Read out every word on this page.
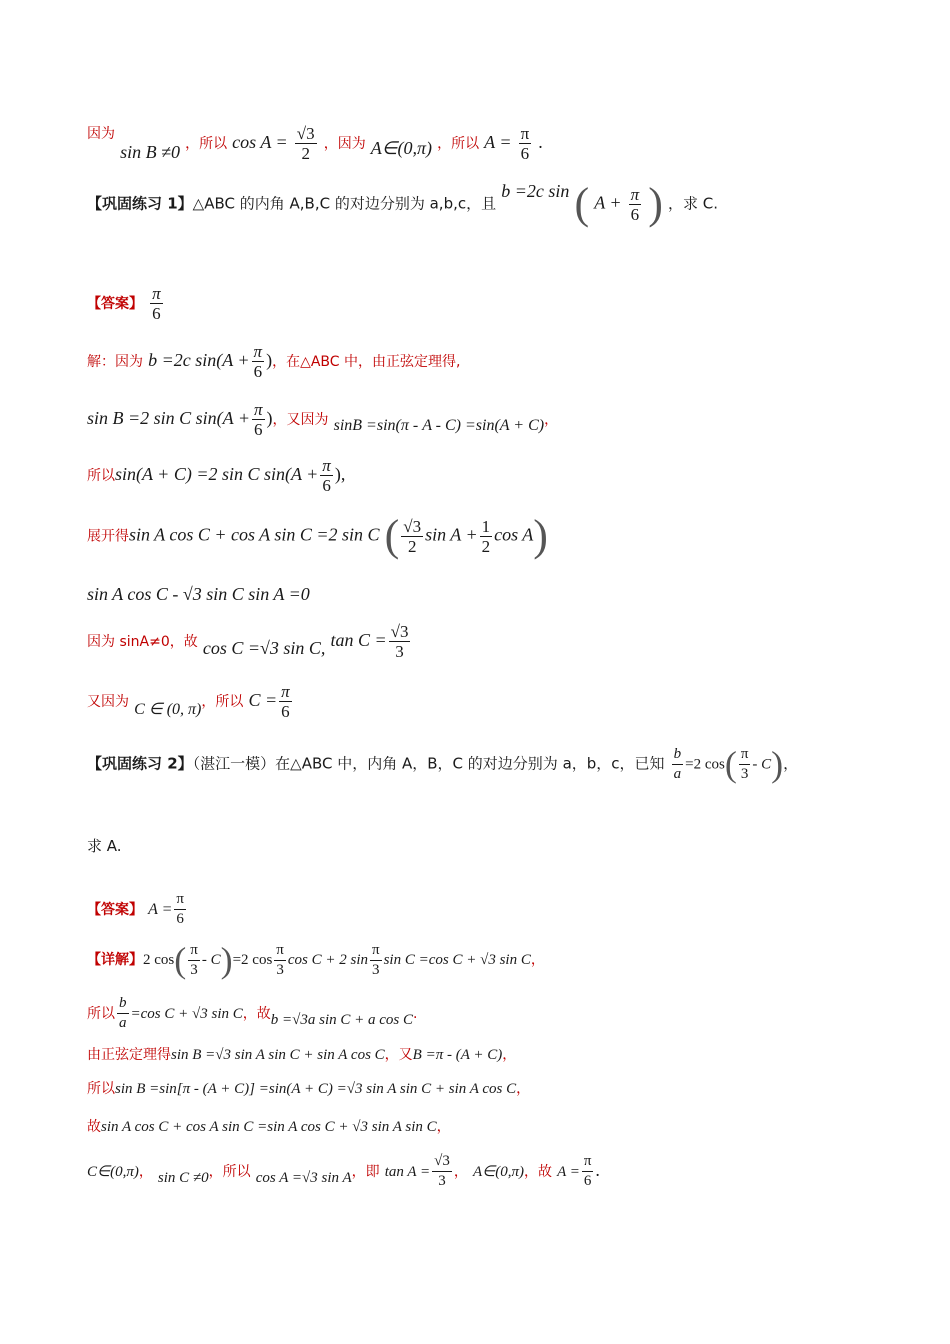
因为 sin B ≠0 ，所以 $\cos A = \frac{√3}{2}$ ，因为 A∈(0,π) ，所以 $A = \frac{\pi}{6}$ .
【巩固练习 1】△ABC 的内角 A,B,C 的对边分别为 a,b,c，且 b =2c sin ( $A + \frac{\pi}{6}$ ) ，求 C.
【答案】 $\frac{\pi}{6}$
解：因为 b =2c $\sin(A + \frac{\pi}{6}$ )，在△ABC 中，由正弦定理得,
sin B =2 sin C $\sin(A + \frac{\pi}{6}$ )，又因为 sinB =sin(π - A - C) =sin(A + C)，
所以sin(A + C) =2 sin C $\sin(A + \frac{\pi}{6}$ ),
展开得sin A cos C + cos A sin C =2 sin C ( $\frac{√3}{2}$ $\sin A + \frac{1}{2}$ cos A)
sin A cos C - √3 sin C sin A =0
因为 sinA≠0，故 cos C =√3 sin C, $\tan C = \frac{√3}{3}$
又因为 C ∈ (0, π)，所以 $C = \frac{\pi}{6}$
【巩固练习 2】（湛江一模）在△ABC 中，内角 A，B，C 的对边分别为 a，b，c，已知 $\frac{b}{a} =2$ $\cos( \frac{\pi}{3} - C)$，
求 A.
【答案】 $A = \frac{\pi}{6}$
【详解】2 $\cos( \frac{\pi}{3} - C)=2$ $\cos \frac{\pi}{3}$ cos C + 2 $\sin \frac{\pi}{3}$ sin C =cos C + √3 sin C，
所以 $\frac{b}{a} =\cos$ C + √3 sin C，故b =√3a sin C + a cos C.
由正弦定理得sin B =√3 sin A sin C + sin A cos C，又B =π - (A + C)，
所以sin B =sin[π - (A + C)] =sin(A + C) =√3 sin A sin C + sin A cos C，
故sin A cos C + cos A sin C =sin A cos C + √3 sin A sin C，
C∈(0,π)， sin C ≠0，所以 cos A =√3 sin A，即 $\tan A = \frac{√3}{3}$ ， A∈(0,π)，故 $A = \frac{\pi}{6}$ .
